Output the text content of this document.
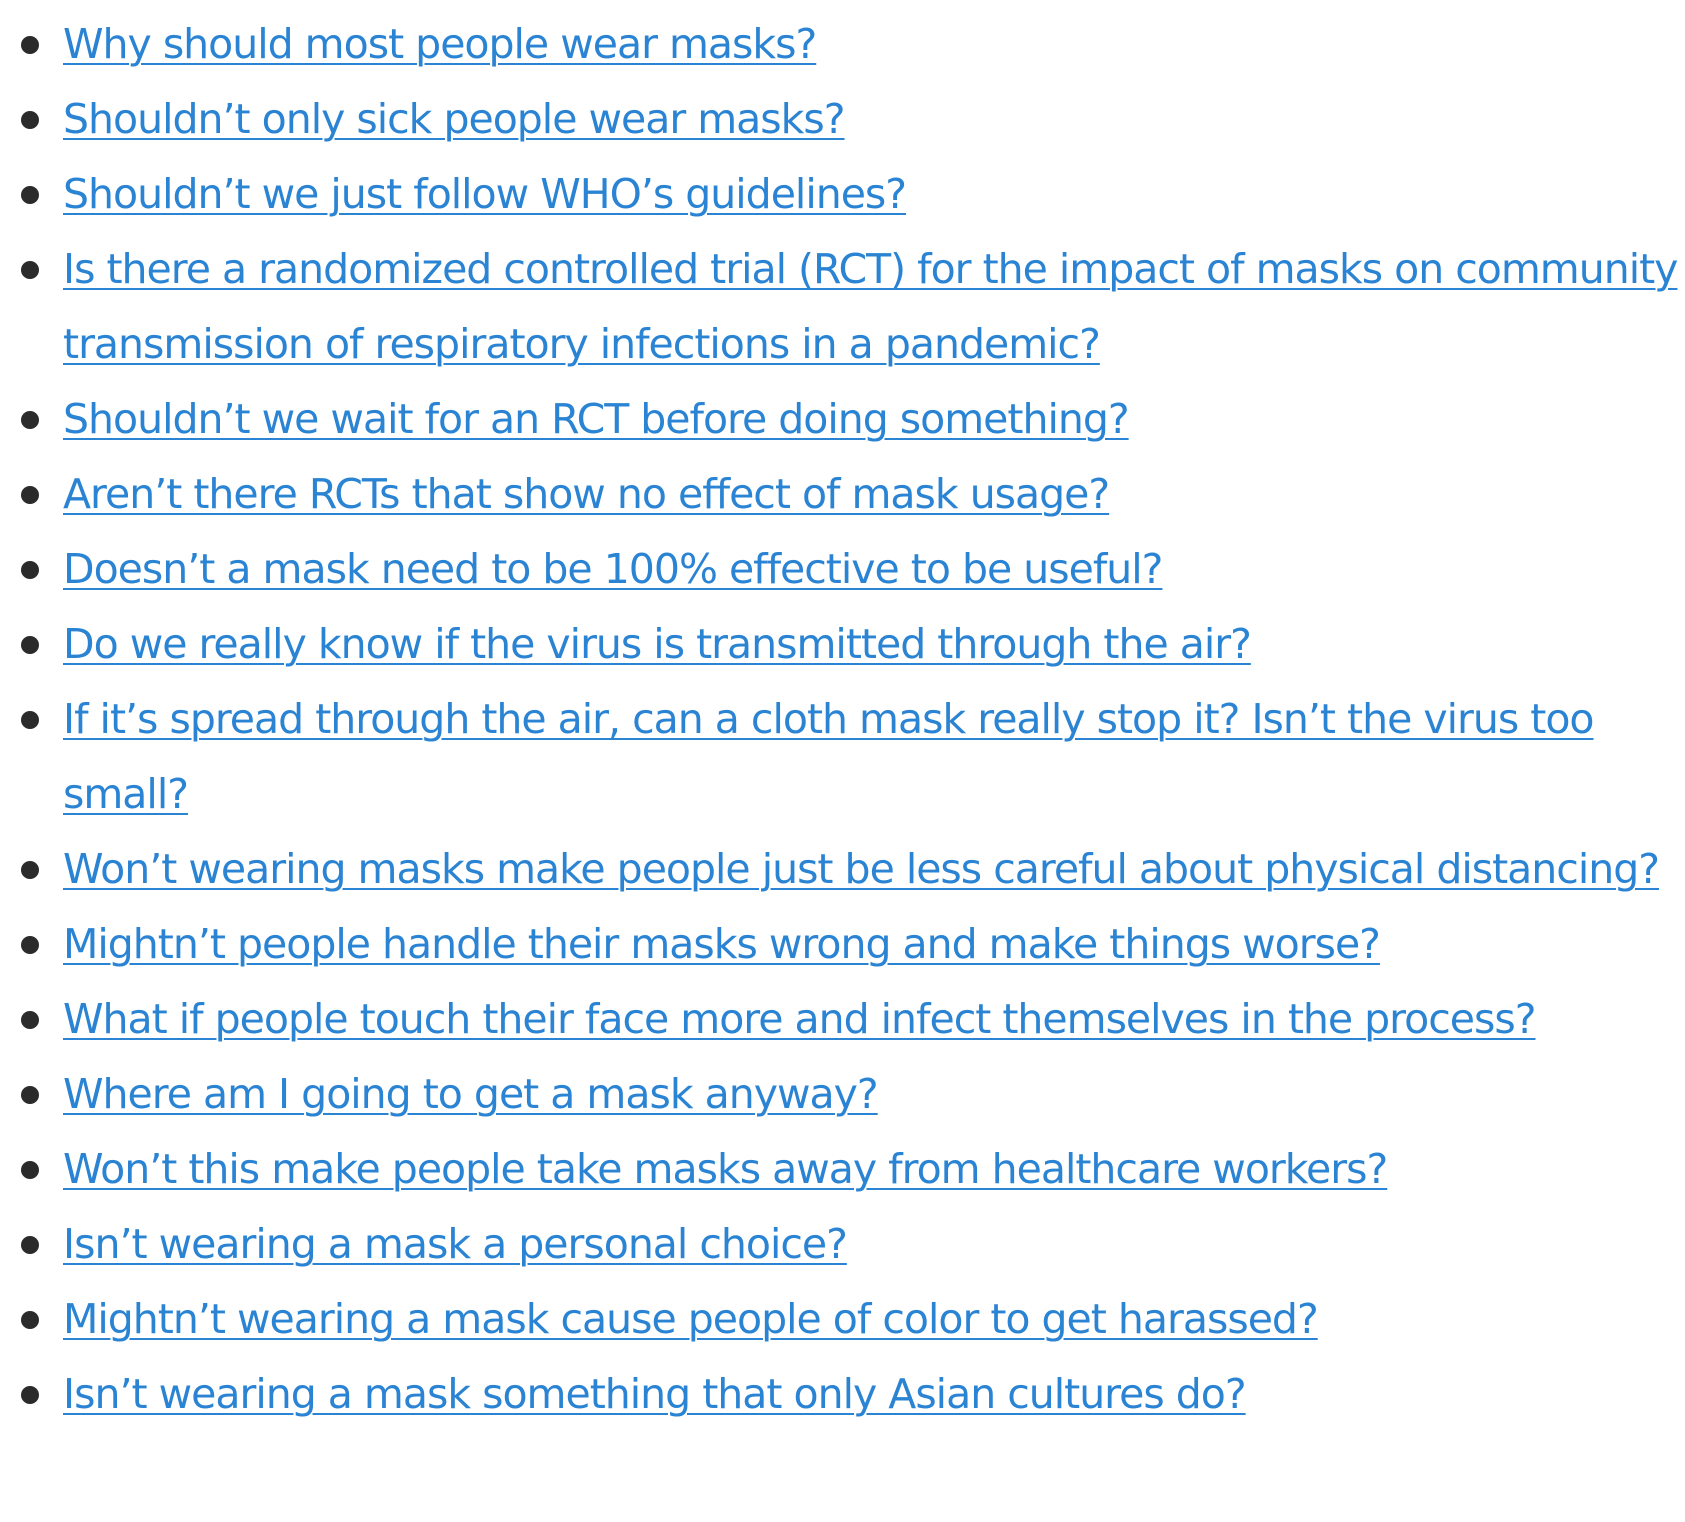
Why should most people wear masks?
Shouldn’t only sick people wear masks?
Shouldn’t we just follow WHO’s guidelines?
Is there a randomized controlled trial (RCT) for the impact of masks on community transmission of respiratory infections in a pandemic?
Shouldn’t we wait for an RCT before doing something?
Aren’t there RCTs that show no effect of mask usage?
Doesn’t a mask need to be 100% effective to be useful?
Do we really know if the virus is transmitted through the air?
If it’s spread through the air, can a cloth mask really stop it? Isn’t the virus too small?
Won’t wearing masks make people just be less careful about physical distancing?
Mightn’t people handle their masks wrong and make things worse?
What if people touch their face more and infect themselves in the process?
Where am I going to get a mask anyway?
Won’t this make people take masks away from healthcare workers?
Isn’t wearing a mask a personal choice?
Mightn’t wearing a mask cause people of color to get harassed?
Isn’t wearing a mask something that only Asian cultures do?
